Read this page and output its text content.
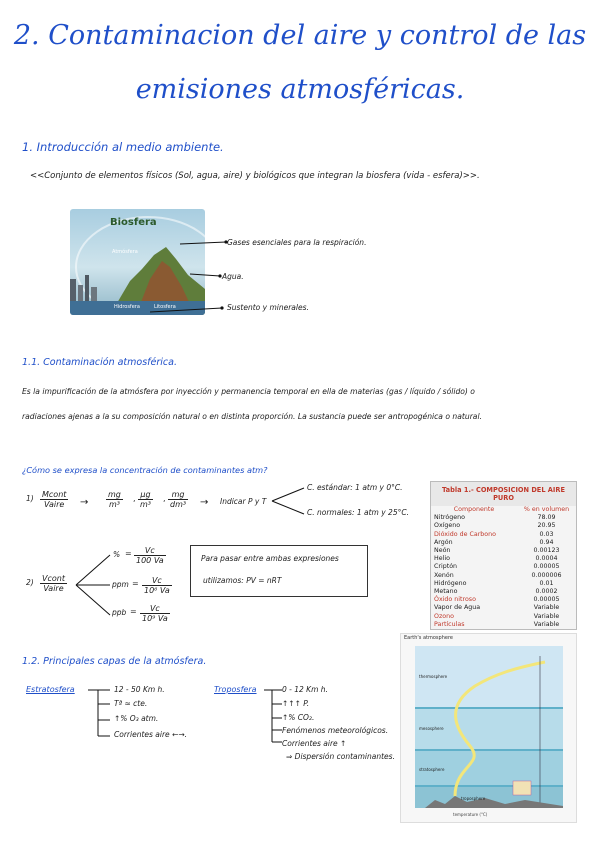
2. Contaminacion del aire y control de las
emisiones atmosféricas.
1. Introducción al medio ambiente.
<<Conjunto de elementos físicos (Sol, agua, aire) y biológicos que integran la biosfera (vida - esfera)>>.
Biosfera
Atmósfera
Hidrosfera	Litosfera
Gases esenciales para la respiración.
Agua.
Sustento y minerales.
1.1. Contaminación atmosférica.
Es la impurificación de la atmósfera por inyección y permanencia temporal en ella de materias (gas / líquido / sólido) o
radiaciones ajenas a la su composición natural o en distinta proporción. La sustancia puede ser antropogénica o natural.
¿Cómo se expresa la concentración de contaminantes atm?
$1) \frac{\text{Mcont}}{\text{Vaire}} \to \frac{mg}{\text{m³}}$ , $\frac{\text{µg}}{\text{m³}}$ , $\frac{mg}{\text{dm³}}$ → Indicar P y T
C. estándar: 1 atm y 0°C.
C. normales: 1 atm y 25°C.
$2) \frac{\text{Vcont}}{\text{Vaire}}$
% = $\frac{Vc}{100 Va}$
ppm = $\frac{Vc}{\text{10⁶ Va}}$
ppb = $\frac{Vc}{\text{10⁹ Va}}$
Para pasar entre ambas expresiones
utilizamos: PV = nRT
Tabla 1.- COMPOSICION DEL AIRE PURO
Componente	% en volumen
Nitrógeno	78.09
Oxígeno	20.95
Dióxido de Carbono	0.03
Argón	0.94
Neón	0.00123
Helio	0.0004
Criptón	0.00005
Xenón	0.000006
Hidrógeno	0.01
Metano	0.0002
Óxido nitroso	0.00005
Vapor de Agua	Variable
Ozono	Variable
Partículas	Variable
1.2. Principales capas de la atmósfera.
Estratosfera	12 - 50 Km h.
Tª ≈ cte.
↑% O₃ atm.
Corrientes aire ←→.
Troposfera	0 - 12 Km h.
↑↑↑ P.
↑% CO₂.
Fenómenos meteorológicos.
Corrientes aire ↑
⇒ Dispersión contaminantes.
Earth's atmosphere
thermosphere
mesosphere
stratosphere
troposphere
temperature (°C)
